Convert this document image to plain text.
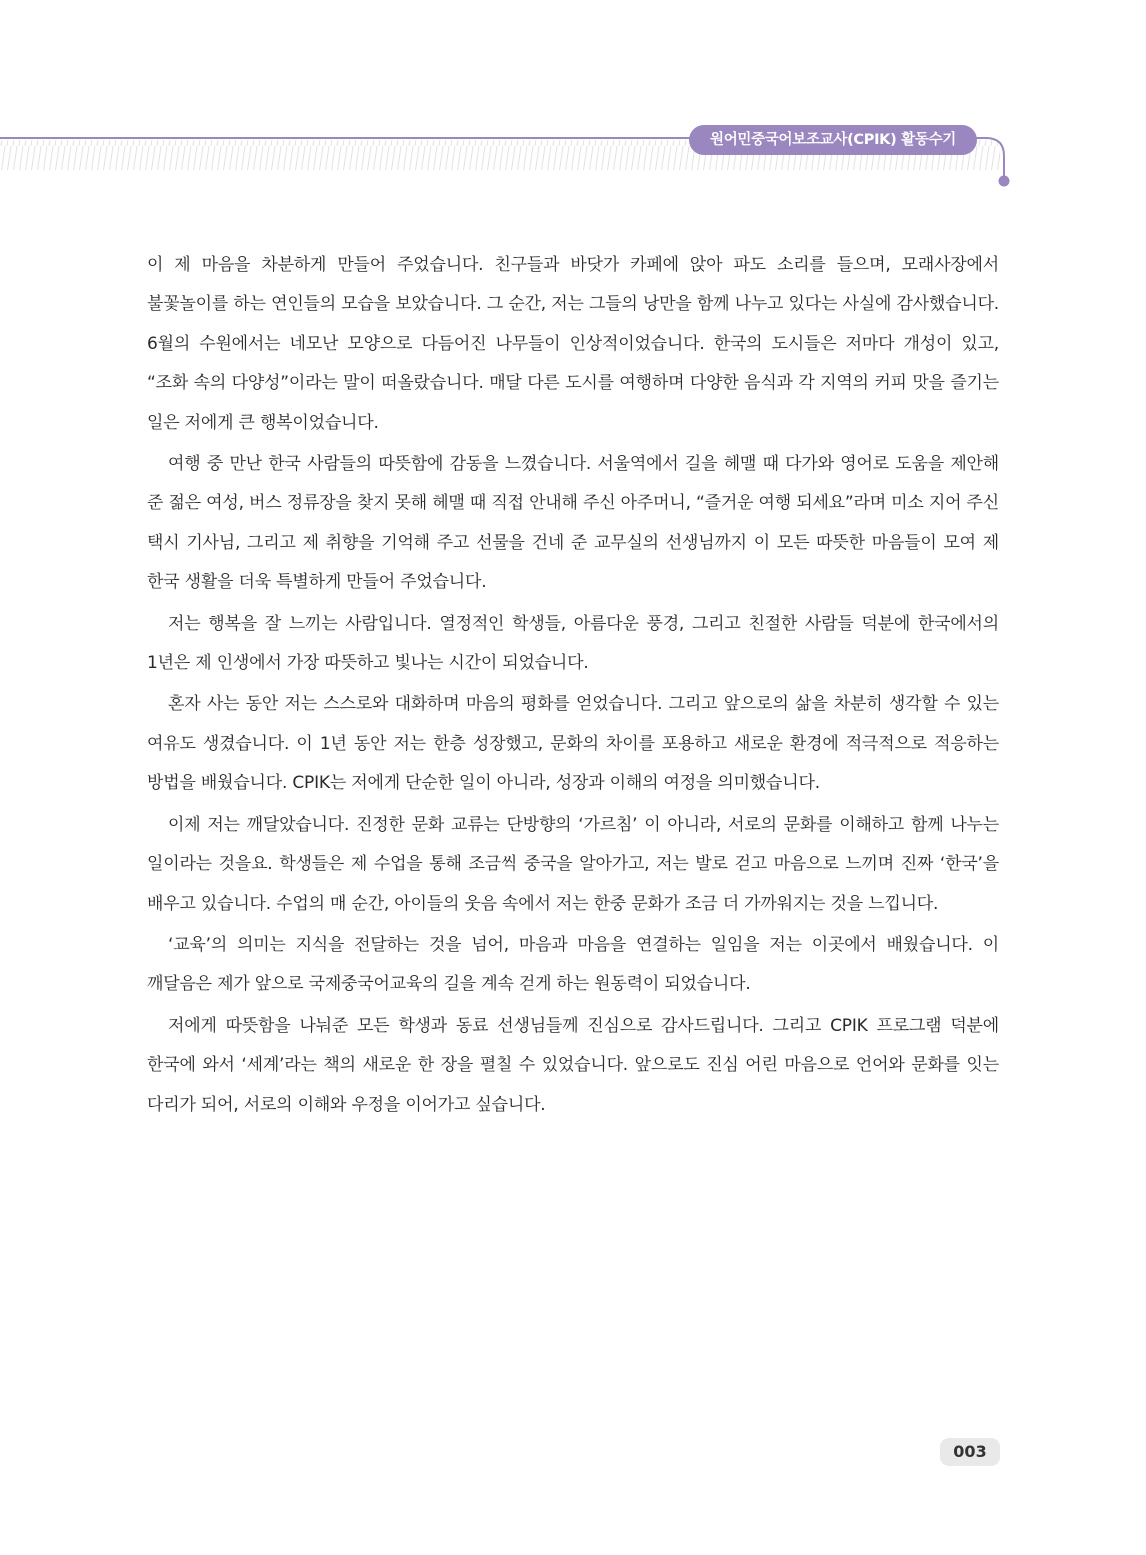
원어민중국어보조교사(CPIK) 활동수기

이 제 마음을 차분하게 만들어 주었습니다. 친구들과 바닷가 카페에 앉아 파도 소리를 들으며, 모래사장에서 불꽃놀이를 하는 연인들의 모습을 보았습니다. 그 순간, 저는 그들의 낭만을 함께 나누고 있다는 사실에 감사했습니다. 6월의 수원에서는 네모난 모양으로 다듬어진 나무들이 인상적이었습니다. 한국의 도시들은 저마다 개성이 있고, “조화 속의 다양성”이라는 말이 떠올랐습니다. 매달 다른 도시를 여행하며 다양한 음식과 각 지역의 커피 맛을 즐기는 일은 저에게 큰 행복이었습니다.

여행 중 만난 한국 사람들의 따뜻함에 감동을 느꼈습니다. 서울역에서 길을 헤맬 때 다가와 영어로 도움을 제안해 준 젊은 여성, 버스 정류장을 찾지 못해 헤맬 때 직접 안내해 주신 아주머니, “즐거운 여행 되세요”라며 미소 지어 주신 택시 기사님, 그리고 제 취향을 기억해 주고 선물을 건네 준 교무실의 선생님까지 이 모든 따뜻한 마음들이 모여 제 한국 생활을 더욱 특별하게 만들어 주었습니다.

저는 행복을 잘 느끼는 사람입니다. 열정적인 학생들, 아름다운 풍경, 그리고 친절한 사람들 덕분에 한국에서의 1년은 제 인생에서 가장 따뜻하고 빛나는 시간이 되었습니다.

혼자 사는 동안 저는 스스로와 대화하며 마음의 평화를 얻었습니다. 그리고 앞으로의 삶을 차분히 생각할 수 있는 여유도 생겼습니다. 이 1년 동안 저는 한층 성장했고, 문화의 차이를 포용하고 새로운 환경에 적극적으로 적응하는 방법을 배웠습니다. CPIK는 저에게 단순한 일이 아니라, 성장과 이해의 여정을 의미했습니다.

이제 저는 깨달았습니다. 진정한 문화 교류는 단방향의 ‘가르침’ 이 아니라, 서로의 문화를 이해하고 함께 나누는 일이라는 것을요. 학생들은 제 수업을 통해 조금씩 중국을 알아가고, 저는 발로 걷고 마음으로 느끼며 진짜 ‘한국’을 배우고 있습니다. 수업의 매 순간, 아이들의 웃음 속에서 저는 한중 문화가 조금 더 가까워지는 것을 느낍니다.

‘교육’의 의미는 지식을 전달하는 것을 넘어, 마음과 마음을 연결하는 일임을 저는 이곳에서 배웠습니다. 이 깨달음은 제가 앞으로 국제중국어교육의 길을 계속 걷게 하는 원동력이 되었습니다.

저에게 따뜻함을 나눠준 모든 학생과 동료 선생님들께 진심으로 감사드립니다. 그리고 CPIK 프로그램 덕분에 한국에 와서 ‘세계’라는 책의 새로운 한 장을 펼칠 수 있었습니다. 앞으로도 진심 어린 마음으로 언어와 문화를 잇는 다리가 되어, 서로의 이해와 우정을 이어가고 싶습니다.

003
